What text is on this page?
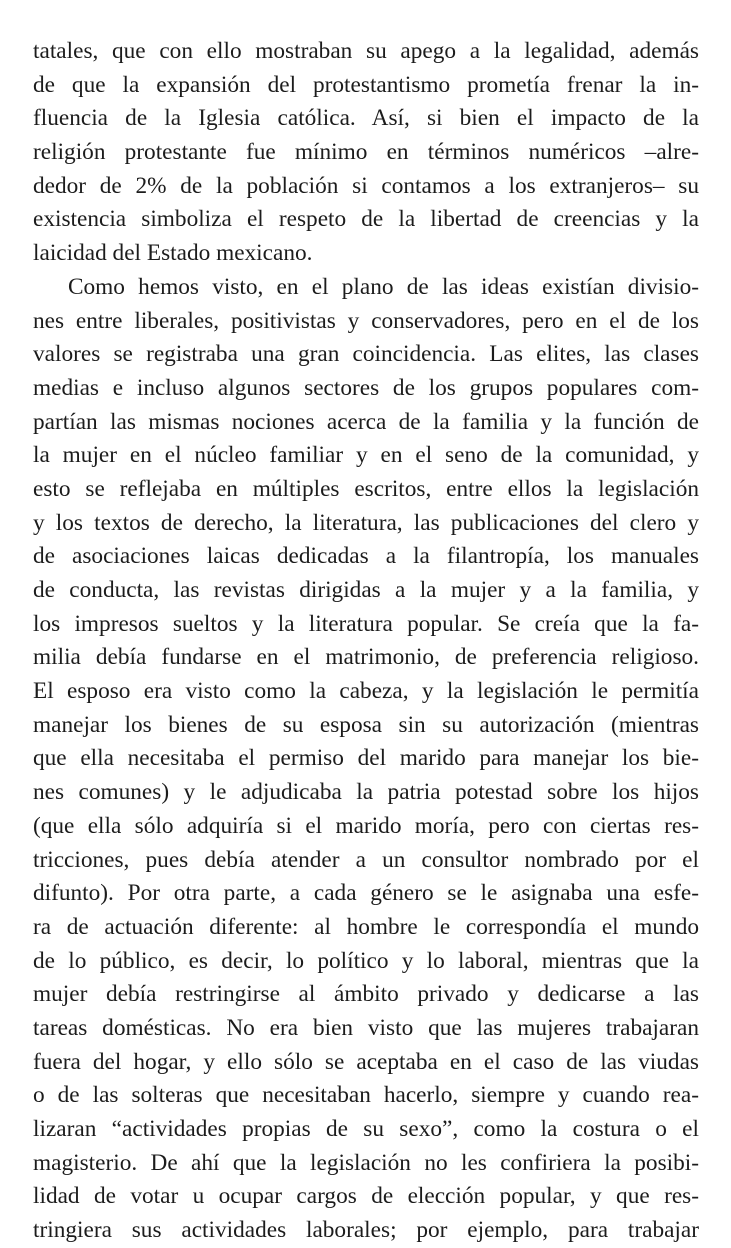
tatales, que con ello mostraban su apego a la legalidad, además
de que la expansión del protestantismo prometía frenar la in-
fluencia de la Iglesia católica. Así, si bien el impacto de la
religión protestante fue mínimo en términos numéricos –alre-
dedor de 2% de la población si contamos a los extranjeros– su
existencia simboliza el respeto de la libertad de creencias y la
laicidad del Estado mexicano.
Como hemos visto, en el plano de las ideas existían divisio-
nes entre liberales, positivistas y conservadores, pero en el de los
valores se registraba una gran coincidencia. Las elites, las clases
medias e incluso algunos sectores de los grupos populares com-
partían las mismas nociones acerca de la familia y la función de
la mujer en el núcleo familiar y en el seno de la comunidad, y
esto se reflejaba en múltiples escritos, entre ellos la legislación
y los textos de derecho, la literatura, las publicaciones del clero y
de asociaciones laicas dedicadas a la filantropía, los manuales
de conducta, las revistas dirigidas a la mujer y a la familia, y
los impresos sueltos y la literatura popular. Se creía que la fa-
milia debía fundarse en el matrimonio, de preferencia religioso.
El esposo era visto como la cabeza, y la legislación le permitía
manejar los bienes de su esposa sin su autorización (mientras
que ella necesitaba el permiso del marido para manejar los bie-
nes comunes) y le adjudicaba la patria potestad sobre los hijos
(que ella sólo adquiría si el marido moría, pero con ciertas res-
tricciones, pues debía atender a un consultor nombrado por el
difunto). Por otra parte, a cada género se le asignaba una esfe-
ra de actuación diferente: al hombre le correspondía el mundo
de lo público, es decir, lo político y lo laboral, mientras que la
mujer debía restringirse al ámbito privado y dedicarse a las
tareas domésticas. No era bien visto que las mujeres trabajaran
fuera del hogar, y ello sólo se aceptaba en el caso de las viudas
o de las solteras que necesitaban hacerlo, siempre y cuando rea-
lizaran “actividades propias de su sexo”, como la costura o el
magisterio. De ahí que la legislación no les confiriera la posibi-
lidad de votar u ocupar cargos de elección popular, y que res-
tringiera sus actividades laborales; por ejemplo, para trabajar
